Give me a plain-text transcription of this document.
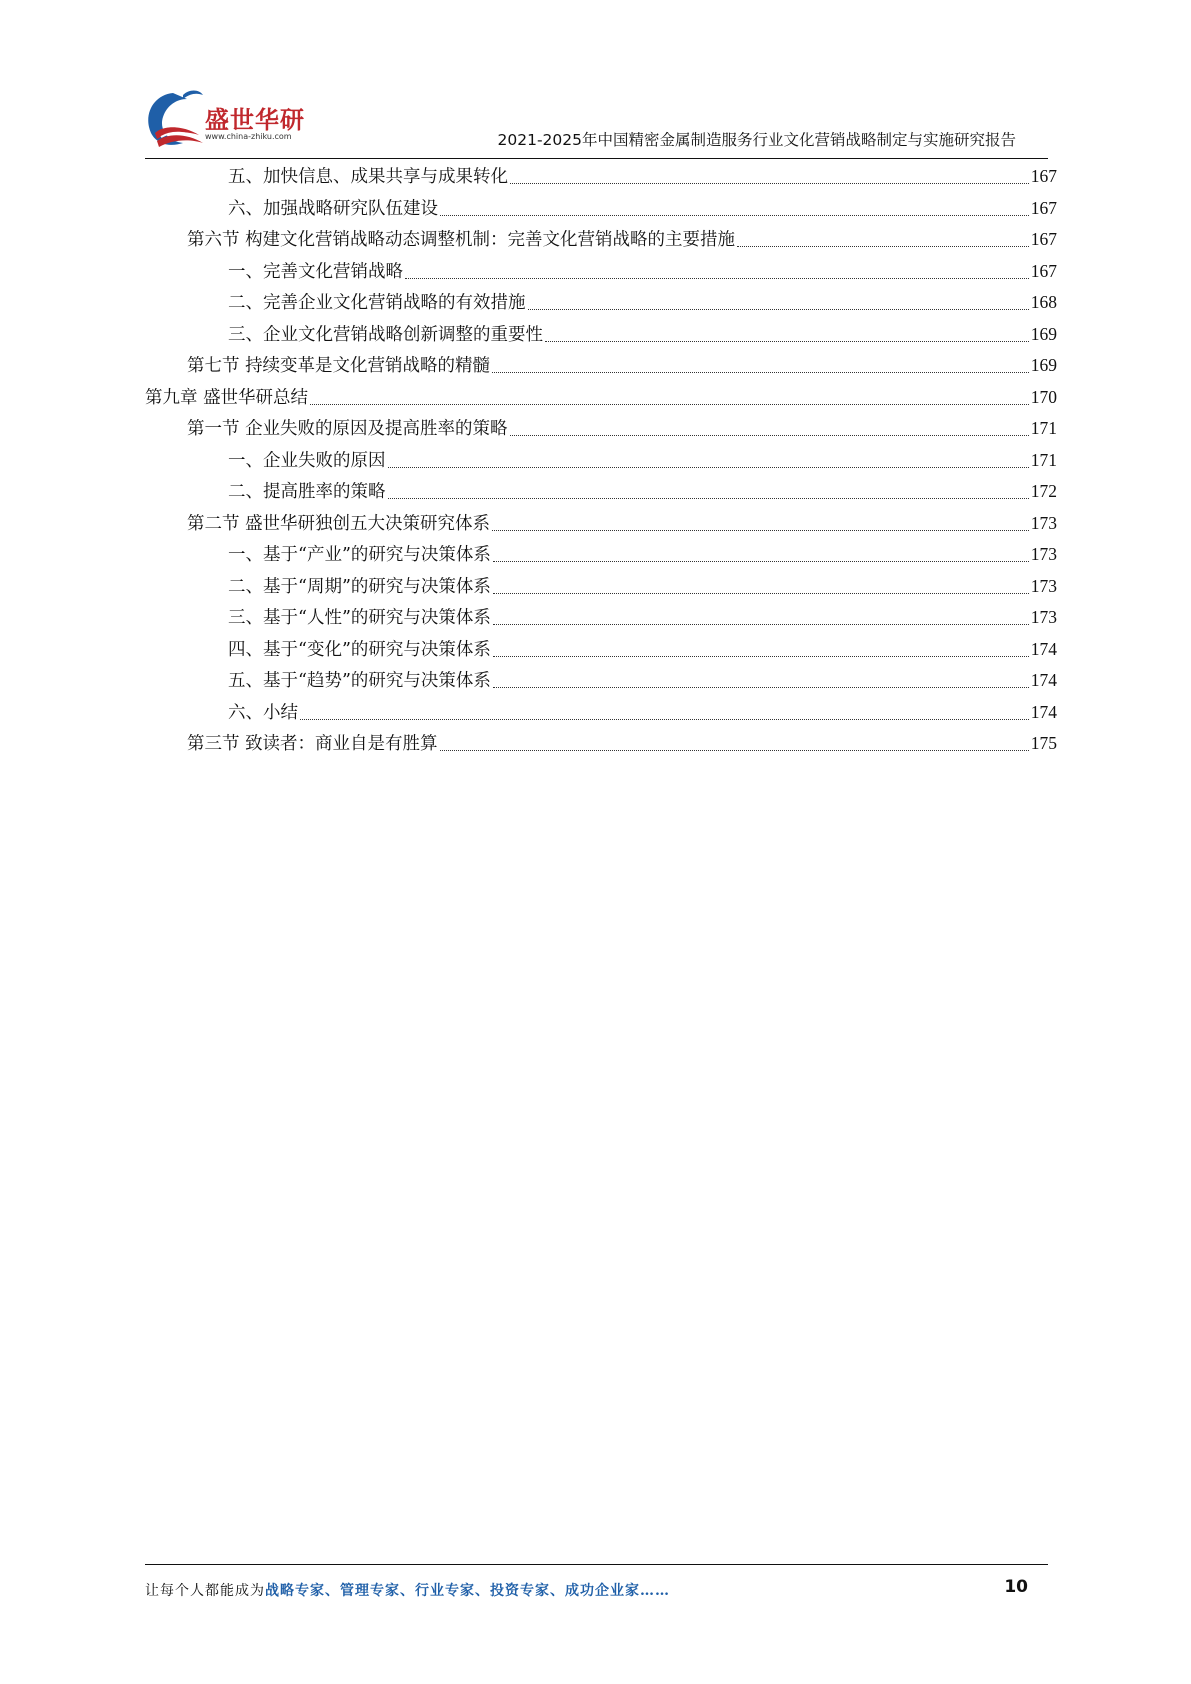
盛世华研
www.china-zhiku.com	2021-2025年中国精密金属制造服务行业文化营销战略制定与实施研究报告
五、加快信息、成果共享与成果转化	167
六、加强战略研究队伍建设	167
第六节 构建文化营销战略动态调整机制：完善文化营销战略的主要措施	167
一、完善文化营销战略	167
二、完善企业文化营销战略的有效措施	168
三、企业文化营销战略创新调整的重要性	169
第七节 持续变革是文化营销战略的精髓	169
第九章 盛世华研总结	170
第一节 企业失败的原因及提高胜率的策略	171
一、企业失败的原因	171
二、提高胜率的策略	172
第二节 盛世华研独创五大决策研究体系	173
一、基于“产业”的研究与决策体系	173
二、基于“周期”的研究与决策体系	173
三、基于“人性”的研究与决策体系	173
四、基于“变化”的研究与决策体系	174
五、基于“趋势”的研究与决策体系	174
六、小结	174
第三节 致读者：商业自是有胜算	175
让每个人都能成为战略专家、管理专家、行业专家、投资专家、成功企业家……	10
